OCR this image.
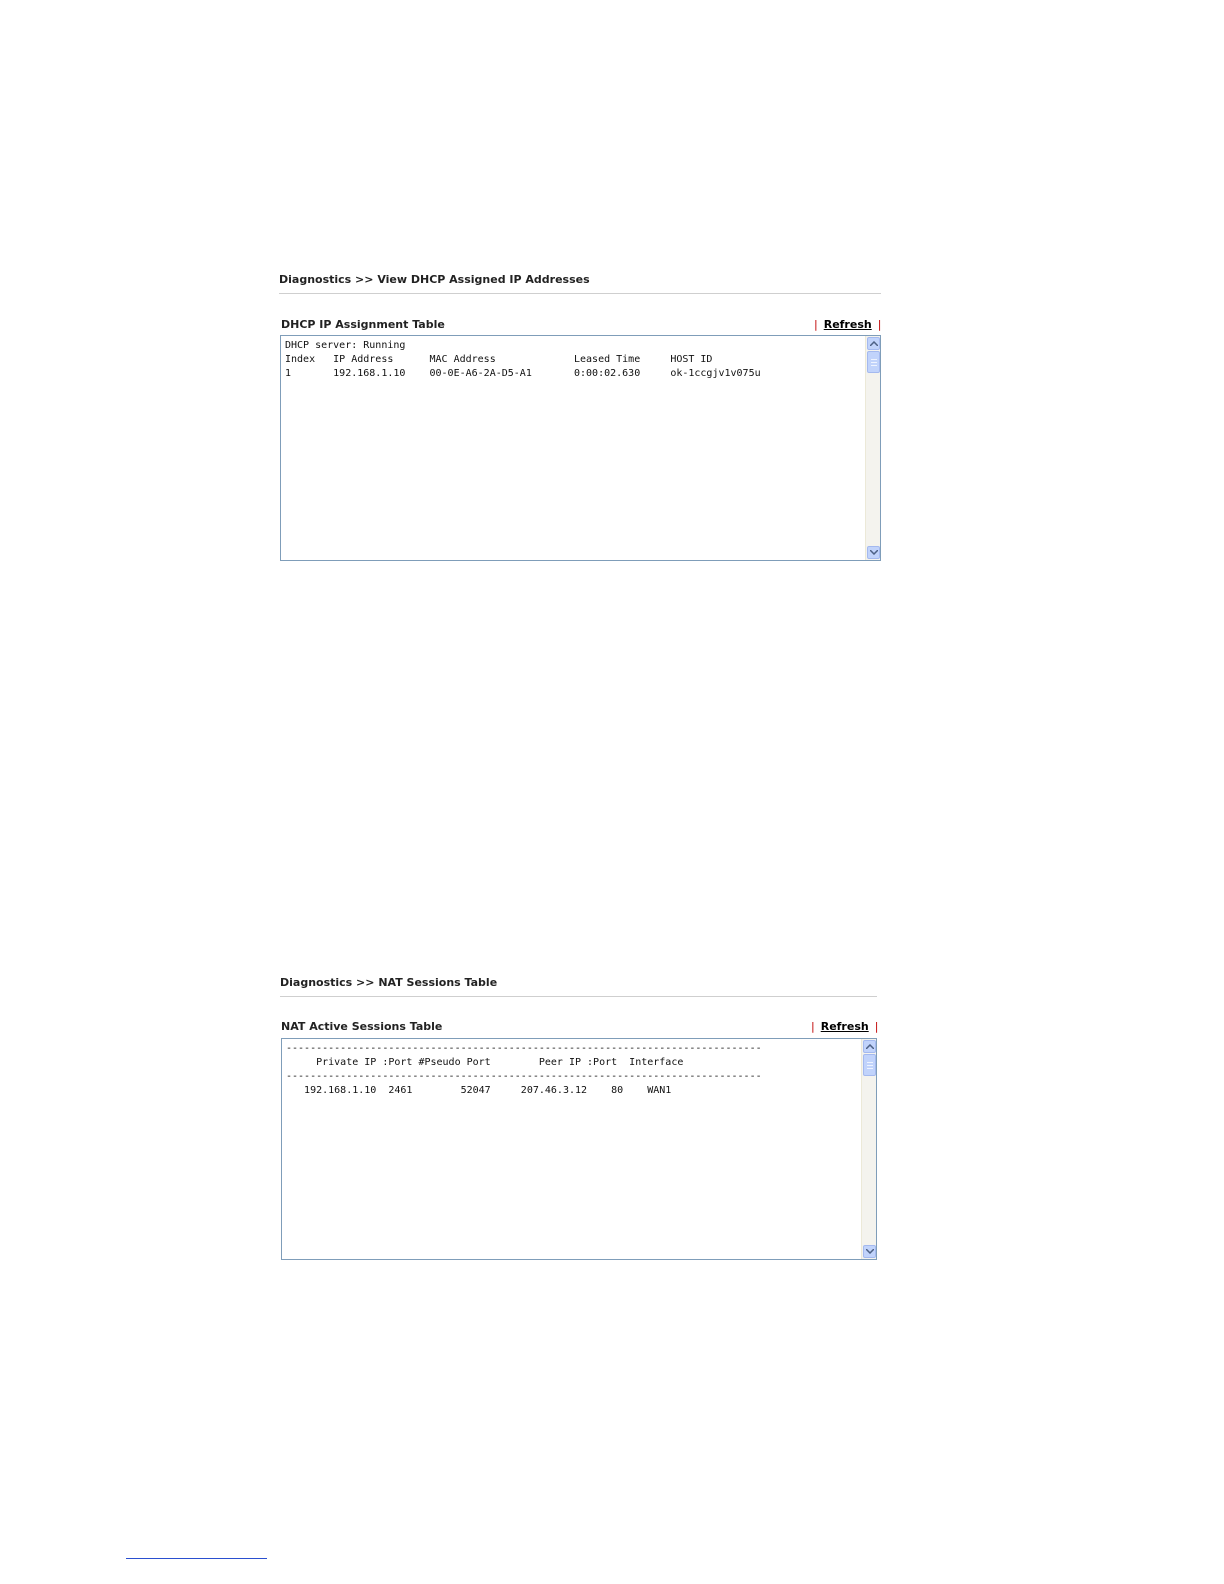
Diagnostics >> View DHCP Assigned IP Addresses
DHCP IP Assignment Table	| Refresh |
DHCP server: Running
Index   IP Address      MAC Address             Leased Time     HOST ID
1       192.168.1.10    00-0E-A6-2A-D5-A1       0:00:02.630     ok-1ccgjv1v075u
Diagnostics >> NAT Sessions Table
NAT Active Sessions Table	| Refresh |
-------------------------------------------------------------------------------
Private IP :Port #Pseudo Port        Peer IP :Port  Interface
-------------------------------------------------------------------------------
192.168.1.10  2461        52047     207.46.3.12    80    WAN1
